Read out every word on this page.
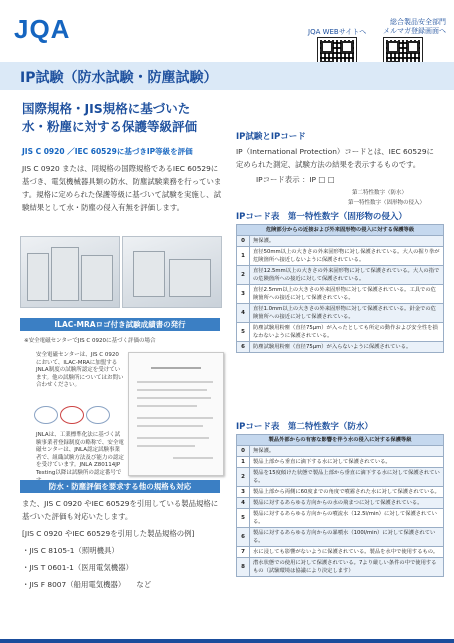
JQA	JQA WEBサイトへ
総合製品安全部門
メルマガ登録画面へ
IP試験（防水試験・防塵試験）
国際規格・JIS規格に基づいた
水・粉塵に対する保護等級評価
JIS C 0920 ／IEC 60529に基づきIP等級を評価
JIS C 0920 または、同規格の国際規格であるIEC 60529に基づき、電気機械器具類の防水、防塵試験業務を行っています。規格に定められた保護等級に基づいて試験を実施し、試験結果として水・防塵の侵入有無を評価します。
ILAC-MRAロゴ付き試験成績書の発行
※安全電磁センターでJIS C 0920に基づく評価の場合
安全電磁センターは、JIS C 0920において、ILAC-MRAに加盟するJNLA制度の試験所認定を受けています。他の試験所についてはお問い合わせください。
JNLAは、工業標準化法に基づく試験事業者登録制度の略称で、安全電磁センターは、JNLA認定試験事業者で、組織試験方法及び能力の認定を受けています。JNLA Z80114JP Testing以降は試験所の認定番号で
防水・防塵評価を要求する他の規格も対応
また、JIS C 0920 やIEC 60529を引用している製品規格に基づいた評価も対応いたします。
[JIS C 0920 やIEC 60529を引用した製品規格の例]
・JIS C 8105-1（照明機具）
・JIS T 0601-1（医用電気機器）
・JIS F 8007（船用電気機器）　　など
IP試験とIPコード
IP（International Protection）コードとは、IEC 60529に定められた測定、試験方法の結果を表示するものです。
IPコード表示 ：IP □ □
第二特性数字（防水）
第一特性数字（固形物の侵入）
IPコード表　第一特性数字（固形物の侵入）
危険部分からの近接および外来固形物の侵入に対する保護等級	
0	無保護。
1	直径50mm以上の大きさの外来固形物に対し保護されている。大人の握り拳が危険箇所へ接近しないように保護されている。
2	直径12.5mm以上の大きさの外来固形物に対して保護されている。大人の指での危険箇所への接近に対して保護されている。
3	直径2.5mm以上の大きさの外来固形物に対して保護されている。工具での危険箇所への接近に対して保護されている。
4	直径1.0mm以上の大きさの外来固形物に対して保護されている。針金での危険箇所への接近に対して保護されている。
5	防塵試験用粉塵（直径75μm）が入ったとしても所定の動作および安全性を損なわないように保護されている。
6	防塵試験用粉塵（直径75μm）が入らないように保護されている。
IPコード表　第二特性数字（防水）
製品外部からの有害な影響を伴う水の侵入に対する保護等級	
0	無保護。
1	製品上部から垂直に滴下する水に対して保護されている。
2	製品を15度傾けた状態で製品上部から垂直に滴下する水に対して保護されている。
3	製品上部から両側に60度までの角度で噴霧された水に対して保護されている。
4	製品に対するあらゆる方向からの水の飛まつに対して保護されている。
5	製品に対するあらゆる方向からの噴流水（12.5l/min）に対して保護されている。
6	製品に対するあらゆる方向からの暴噴水（100l/min）に対して保護されている。
7	水に浸しても影響がないように保護されている。製品を水中で使用するもの。
8	潜水状態での使用に対して保護されている。7より厳しい条件の中で使用するもの（試験環境は協議により決定します）
